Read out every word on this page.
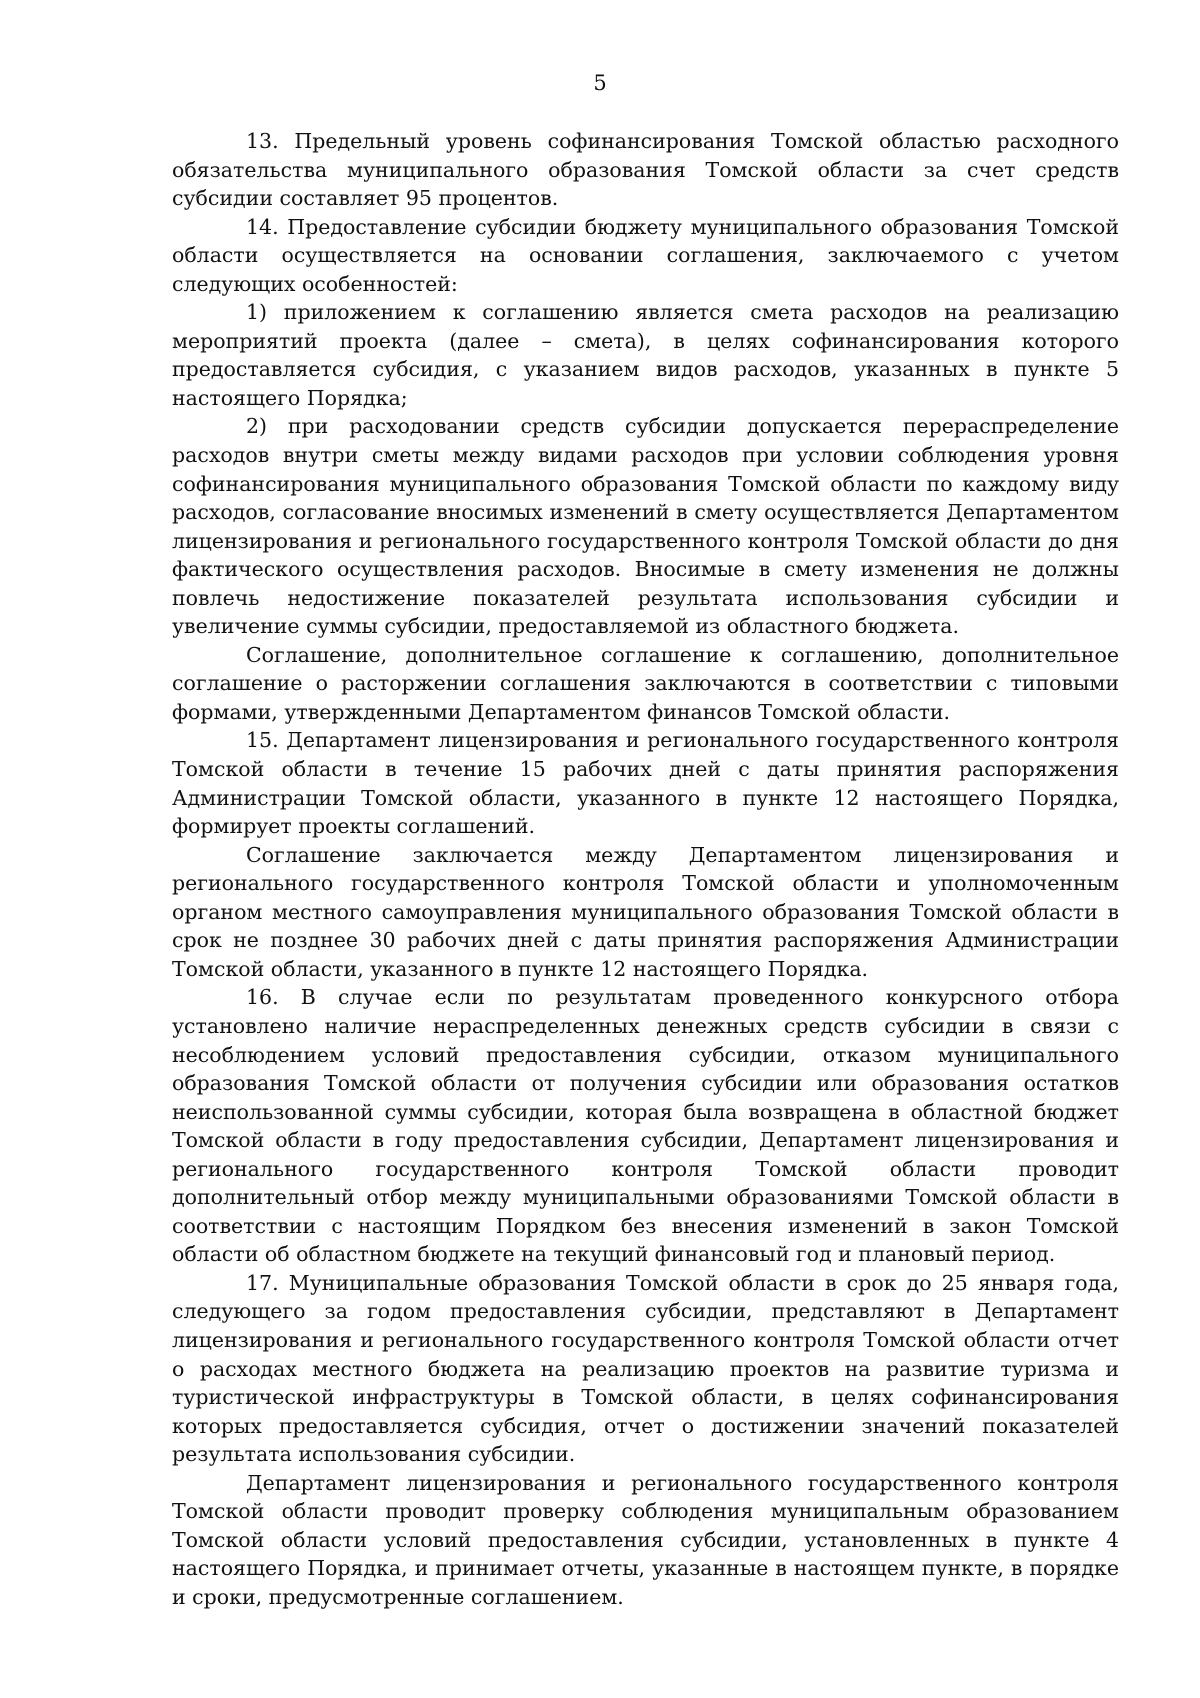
5

13. Предельный уровень софинансирования Томской областью расходного обязательства муниципального образования Томской области за счет средств субсидии составляет 95 процентов.

14. Предоставление субсидии бюджету муниципального образования Томской области осуществляется на основании соглашения, заключаемого с учетом следующих особенностей:

1) приложением к соглашению является смета расходов на реализацию мероприятий проекта (далее – смета), в целях софинансирования которого предоставляется субсидия, с указанием видов расходов, указанных в пункте 5 настоящего Порядка;

2) при расходовании средств субсидии допускается перераспределение расходов внутри сметы между видами расходов при условии соблюдения уровня софинансирования муниципального образования Томской области по каждому виду расходов, согласование вносимых изменений в смету осуществляется Департаментом лицензирования и регионального государственного контроля Томской области до дня фактического осуществления расходов. Вносимые в смету изменения не должны повлечь недостижение показателей результата использования субсидии и увеличение суммы субсидии, предоставляемой из областного бюджета.

Соглашение, дополнительное соглашение к соглашению, дополнительное соглашение о расторжении соглашения заключаются в соответствии с типовыми формами, утвержденными Департаментом финансов Томской области.

15. Департамент лицензирования и регионального государственного контроля Томской области в течение 15 рабочих дней с даты принятия распоряжения Администрации Томской области, указанного в пункте 12 настоящего Порядка, формирует проекты соглашений.

Соглашение заключается между Департаментом лицензирования и регионального государственного контроля Томской области и уполномоченным органом местного самоуправления муниципального образования Томской области в срок не позднее 30 рабочих дней с даты принятия распоряжения Администрации Томской области, указанного в пункте 12 настоящего Порядка.

16. В случае если по результатам проведенного конкурсного отбора установлено наличие нераспределенных денежных средств субсидии в связи с несоблюдением условий предоставления субсидии, отказом муниципального образования Томской области от получения субсидии или образования остатков неиспользованной суммы субсидии, которая была возвращена в областной бюджет Томской области в году предоставления субсидии, Департамент лицензирования и регионального государственного контроля Томской области проводит дополнительный отбор между муниципальными образованиями Томской области в соответствии с настоящим Порядком без внесения изменений в закон Томской области об областном бюджете на текущий финансовый год и плановый период.

17. Муниципальные образования Томской области в срок до 25 января года, следующего за годом предоставления субсидии, представляют в Департамент лицензирования и регионального государственного контроля Томской области отчет о расходах местного бюджета на реализацию проектов на развитие туризма и туристической инфраструктуры в Томской области, в целях софинансирования которых предоставляется субсидия, отчет о достижении значений показателей результата использования субсидии.

Департамент лицензирования и регионального государственного контроля Томской области проводит проверку соблюдения муниципальным образованием Томской области условий предоставления субсидии, установленных в пункте 4 настоящего Порядка, и принимает отчеты, указанные в настоящем пункте, в порядке и сроки, предусмотренные соглашением.
